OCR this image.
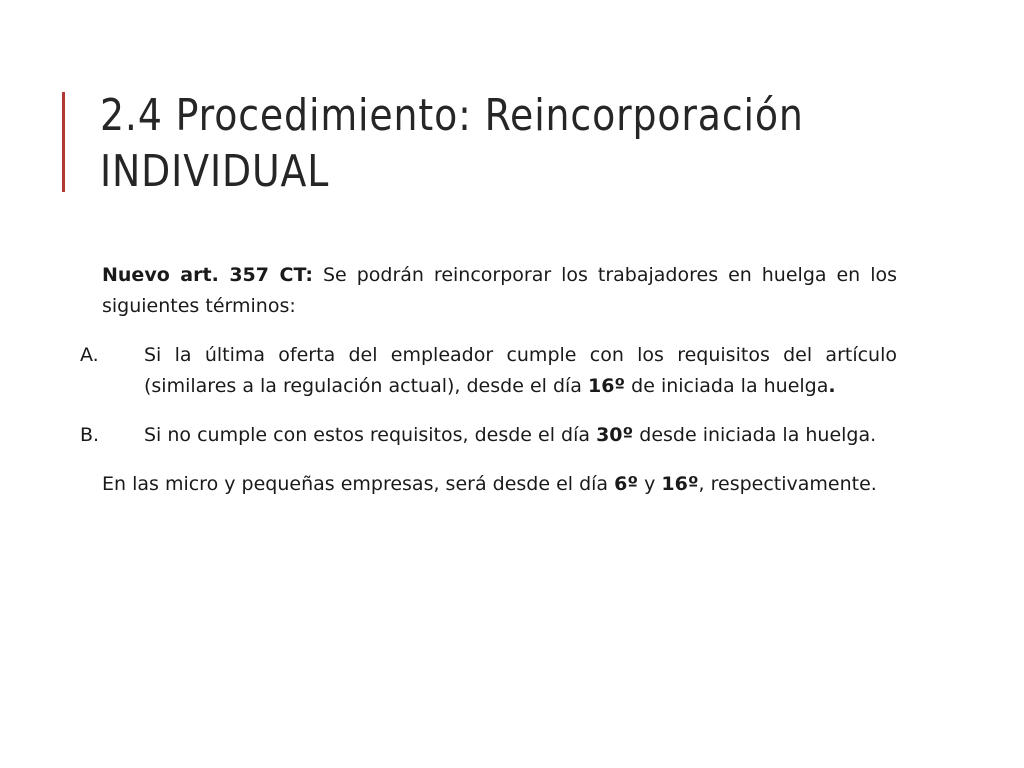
2.4 Procedimiento: Reincorporación
INDIVIDUAL

Nuevo art. 357 CT: Se podrán reincorporar los trabajadores en huelga en los siguientes términos:

A. Si la última oferta del empleador cumple con los requisitos del artículo (similares a la regulación actual), desde el día 16º de iniciada la huelga.
B. Si no cumple con estos requisitos, desde el día 30º desde iniciada la huelga.

En las micro y pequeñas empresas, será desde el día 6º y 16º, respectivamente.
